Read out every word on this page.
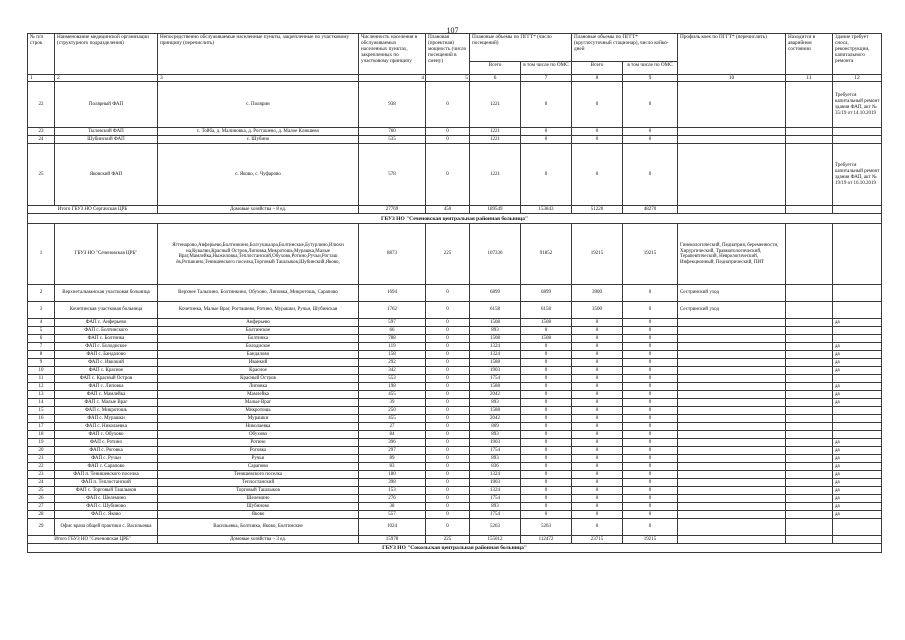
107
№ п/п строк	Наименование медицинской организации (структурного подразделения)	Непосредственно обслуживаемые населенные пункты, закрепленные по участковому принципу (перечислить)	Численность населения в обслуживаемых населенных пунктах, закрепленных по участковому принципу	Плановая (проектная) мощность (число посещений в смену)	Плановые объемы по ПГГТ* (число посещений)		Плановые объемы по ПГГТ* (круглосуточный стационар), число койко-дней		Профиль коек по ПГГТ* (перечислить)	Находится в аварийном состоянии	Здание требует сноса, реконструкции, капитального ремонта
					Всего	в том числе по ОМС	Всего	в том числе по ОМС			
1	2	3	4	5	6	7	8	9	10	11	12
22	Полярный ФАП	с. Полярин	938	0	1221	0	0	0			Требуется капитальный ремонт здания ФАП, акт № 35/19 от 14.10.2019
23	Тыловский ФАП	с. Тойба, д. Малиновка, д. Рогташево, д. Малое Клюшево	760	0	1221	0	0	0			
24	Шубинский ФАП	с. Шубино	535	0	1221	0	0	0			
25	Яковский ФАП	с. Яково, с. Чуфарово	578	0	1221	0	0	0			Требуется капитальный ремонт здания ФАП, акт № 19/19 от 16.10.2019
Итого ГБУЗ НО Сергачская ЦРБ		Домовые хозяйства – 8 ед.	27769	450	189549	153843	51220	48270			
ГБУЗ НО "Сеченовская центральная районная больница"											
1	ГБУЗ НО "Сеченовская ЦРБ"	Ягтенарово,Анферьево,Болтинкино,Болгушкалра,Болтинские,Бутурлино,Илюхи на,Кувалии,Красный Остров,Липовка,Микротошь,Мурашка,Малые Враг,Мамлейка,Ныжиловка,Теплостанский,Обухово,Ротино,Ручьи,Рогташ ёв,Ротшкино,Тенишевского поселка,Торговый Ташлыков,Шубинский,Яково,	8873	225	107336	91852	19215	19215	Гинекологический, Педиатрия, беременности, Хирургический, Травматологический, Терапевтический, Неврологический, Инфекционный, Педиатрический, ПИТ		
2	Верхнетальманская участковая больница	Верхнее Талызино, Болтинкино, Обухово, Липовка, Микротошь, Сарапово	1694	0	6899	6899	3900	0	Сестринский уход		
3	Кочетинская участковая больница	Кочетинка, Малые Враг, Рогташево, Ротино, Мурашки, Ручьи, Шубинская	1762	0	6158	6158	3500	0	Сестринский уход		
4	ФАП с. Анферьево	Анферьево	597	0	1508	1508	0	0			да
5	ФАП с. Болтинского	Болтинское	66	0	893	0	0	0			
6	ФАП с. Болтинка	Болтинка	788	0	1508	1508	0	0			
7	ФАП с. Болодиское	Болодиское	119	0	1324	0	0	0			да
8	ФАП с. Бандалово	Бандалово	158	0	1324	0	0	0			да
9	ФАП с. Ивилкий	Иванкий	292	0	1588	0	0	0			да
10	ФАП с. Красное	Красное	342	0	1903	0	0	0			да
11	ФАП с. Красный Остров	Красный Остров	553	0	1754	0	0	0			
12	ФАП с. Липовка	Липовка	198	0	1588	0	0	0			да
13	ФАП с. Мамлейка	Мамлейка	455	0	2042	0	0	0			да
14	ФАП с. Малые Враг	Малые Враг	39	0	893	0	0	0			да
15	ФАП с. Микротошь	Микротошь	250	0	1588	0	0	0			
16	ФАП с. Мурашки	Мурашки	455	0	2042	0	0	0			
17	ФАП с. Николаевка	Николаевка	27	0	869	0	0	0			
18	ФАП с. Обухово	Обухово	84	0	893	0	0	0			
19	ФАП с. Ротино	Ротино	396	0	1903	0	0	0			да
20	ФАП с. Роговка	Роговка	297	0	1754	0	0	0			да
21	ФАП с. Ручьи	Ручьи	89	0	893	0	0	0			да
22	ФАП с. Сарапово	Сарапово	83	0	836	0	0	0			да
23	ФАП п. Тенишевского поселка	Тенишевского поселка	180	0	1324	0	0	0			да
24	ФАП п. Теплостанский	Теплостанский	398	0	1903	0	0	0			да
25	ФАП с. Торговый Ташлыков	Торговый Ташлыков	153	0	1324	0	0	0			да
26	ФАП с. Шелемино	Шелемино	276	0	1754	0	0	0			да
27	ФАП с. Шубиново	Шубиново	38	0	893	0	0	0			да
28	ФАП с. Яково	Яково	557	0	1754	0	0	0			да
29	Офис врача общей практики с. Васильевка	Васильевка, Болтинка, Яково, Болтинские	1024	0	5263	5263	0	0			
Итого ГБУЗ НО "Сеченовская ЦРБ"		Домовые хозяйства – 3 ед.	15978	225	155012	112472	23715	19215			
ГБУЗ НО "Сокольская центральная районная больница"											
